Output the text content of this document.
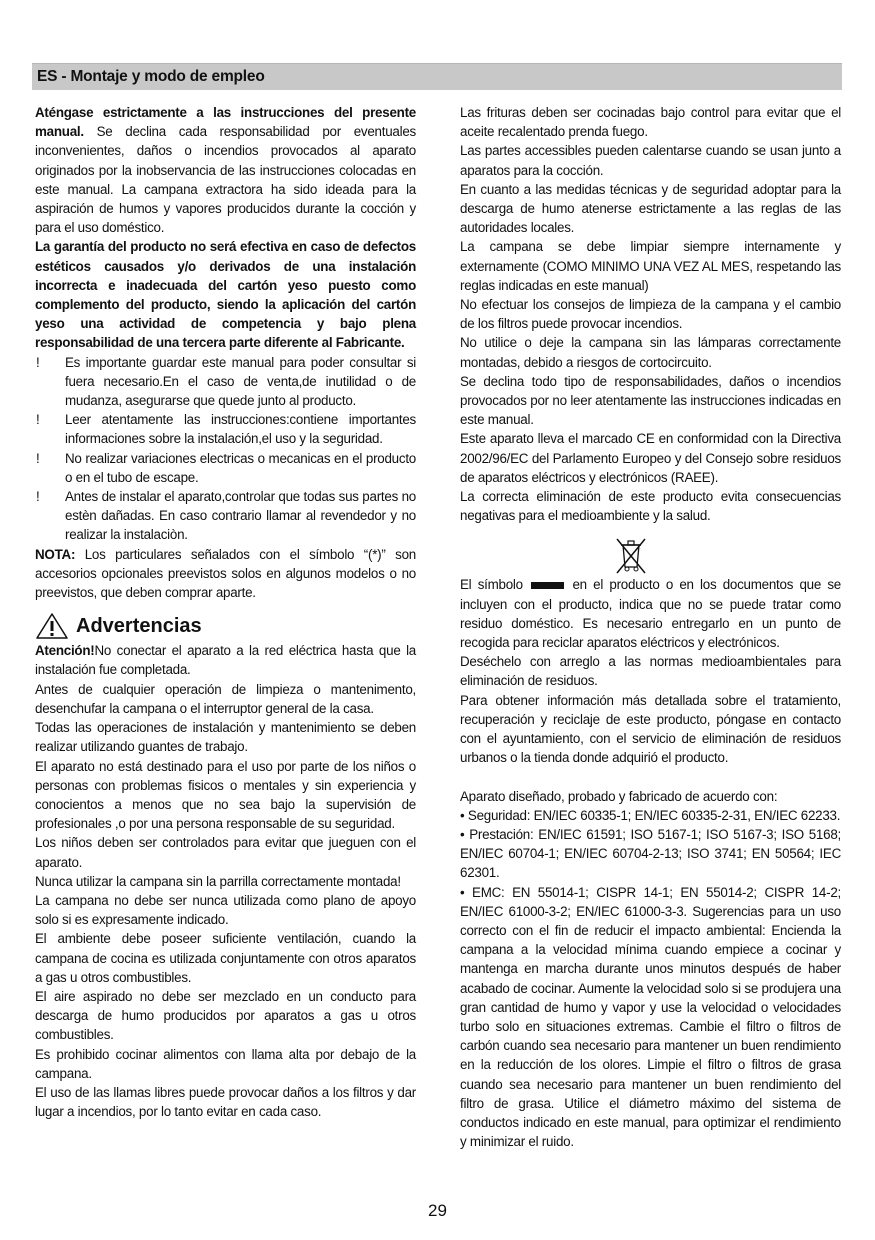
ES - Montaje y modo de empleo

Aténgase estrictamente a las instrucciones del presente manual. Se declina cada responsabilidad por eventuales inconvenientes, daños o incendios provocados al aparato originados por la inobservancia de las instrucciones colocadas en este manual. La campana extractora ha sido ideada para la aspiración de humos y vapores producidos durante la cocción y para el uso doméstico.

La garantía del producto no será efectiva en caso de defectos estéticos causados y/o derivados de una instalación incorrecta e inadecuada del cartón yeso puesto como complemento del producto, siendo la aplicación del cartón yeso una actividad de competencia y bajo plena responsabilidad de una tercera parte diferente al Fabricante.

!	Es importante guardar este manual para poder consultar si fuera necesario.En el caso de venta,de inutilidad o de mudanza, asegurarse que quede junto al producto.
!	Leer atentamente las instrucciones:contiene importantes informaciones sobre la instalación,el uso y la seguridad.
!	No realizar variaciones electricas o mecanicas en el producto o en el tubo de escape.
!	Antes de instalar el aparato,controlar que todas sus partes no estèn dañadas. En caso contrario llamar al revendedor y no realizar la instalaciòn.

NOTA: Los particulares señalados con el símbolo “(*)” son accesorios opcionales preevistos solos en algunos modelos o no preevistos, que deben comprar aparte.

Advertencias

Atención!No conectar el aparato a la red eléctrica hasta que la instalación fue completada.

Antes de cualquier operación de limpieza o mantenimento, desenchufar la campana o el interruptor general de la casa.

Todas las operaciones de instalación y mantenimiento se deben realizar utilizando guantes de trabajo.

El aparato no está destinado para el uso por parte de los niños o personas con problemas fisicos o mentales y sin experiencia y conocientos a menos que no sea bajo la supervisión de profesionales ,o por una persona responsable de su seguridad.

Los niños deben ser controlados para evitar que jueguen con el aparato.

Nunca utilizar la campana sin la parrilla correctamente montada!

La campana no debe ser nunca utilizada como plano de apoyo solo si es expresamente indicado.

El ambiente debe poseer suficiente ventilación, cuando la campana de cocina es utilizada conjuntamente con otros aparatos a gas u otros combustibles.

El aire aspirado no debe ser mezclado en un conducto para descarga de humo producidos por aparatos a gas u otros combustibles.

Es prohibido cocinar alimentos con llama alta por debajo de la campana.

El uso de las llamas libres puede provocar daños a los filtros y dar lugar a incendios, por lo tanto evitar en cada caso.

Las frituras deben ser cocinadas bajo control para evitar que el aceite recalentado prenda fuego.

Las partes accessibles pueden calentarse cuando se usan junto a aparatos para la cocción.

En cuanto a las medidas técnicas y de seguridad adoptar para la descarga de humo atenerse estrictamente a las reglas de las autoridades locales.

La campana se debe limpiar siempre internamente y externamente (COMO MINIMO UNA VEZ AL MES, respetando las reglas indicadas en este manual)

No efectuar los consejos de limpieza de la campana y el cambio de los filtros puede provocar incendios.

No utilice o deje la campana sin las lámparas correctamente montadas, debido a riesgos de cortocircuito.

Se declina todo tipo de responsabilidades, daños o incendios provocados por no leer atentamente las instrucciones indicadas en este manual.

Este aparato lleva el marcado CE en conformidad con la Directiva 2002/96/EC del Parlamento Europeo y del Consejo sobre residuos de aparatos eléctricos y electrónicos (RAEE).

La correcta eliminación de este producto evita consecuencias negativas para el medioambiente y la salud.

El símbolo	en el producto o en los documentos que se incluyen con el producto, indica que no se puede tratar como residuo doméstico. Es necesario entregarlo en un punto de recogida para reciclar aparatos eléctricos y electrónicos.

Deséchelo con arreglo a las normas medioambientales para eliminación de residuos.

Para obtener información más detallada sobre el tratamiento, recuperación y reciclaje de este producto, póngase en contacto con el ayuntamiento, con el servicio de eliminación de residuos urbanos o la tienda donde adquirió el producto.

Aparato diseñado, probado y fabricado de acuerdo con:

• Seguridad: EN/IEC 60335-1; EN/IEC 60335-2-31, EN/IEC 62233.

• Prestación: EN/IEC 61591; ISO 5167-1; ISO 5167-3; ISO 5168; EN/IEC 60704-1; EN/IEC 60704-2-13; ISO 3741; EN 50564; IEC 62301.

• EMC: EN 55014-1; CISPR 14-1; EN 55014-2; CISPR 14-2; EN/IEC 61000-3-2; EN/IEC 61000-3-3. Sugerencias para un uso correcto con el fin de reducir el impacto ambiental: Encienda la campana a la velocidad mínima cuando empiece a cocinar y mantenga en marcha durante unos minutos después de haber acabado de cocinar. Aumente la velocidad solo si se produjera una gran cantidad de humo y vapor y use la velocidad o velocidades turbo solo en situaciones extremas. Cambie el filtro o filtros de carbón cuando sea necesario para mantener un buen rendimiento en la reducción de los olores. Limpie el filtro o filtros de grasa cuando sea necesario para mantener un buen rendimiento del filtro de grasa. Utilice el diámetro máximo del sistema de conductos indicado en este manual, para optimizar el rendimiento y minimizar el ruido.

29
